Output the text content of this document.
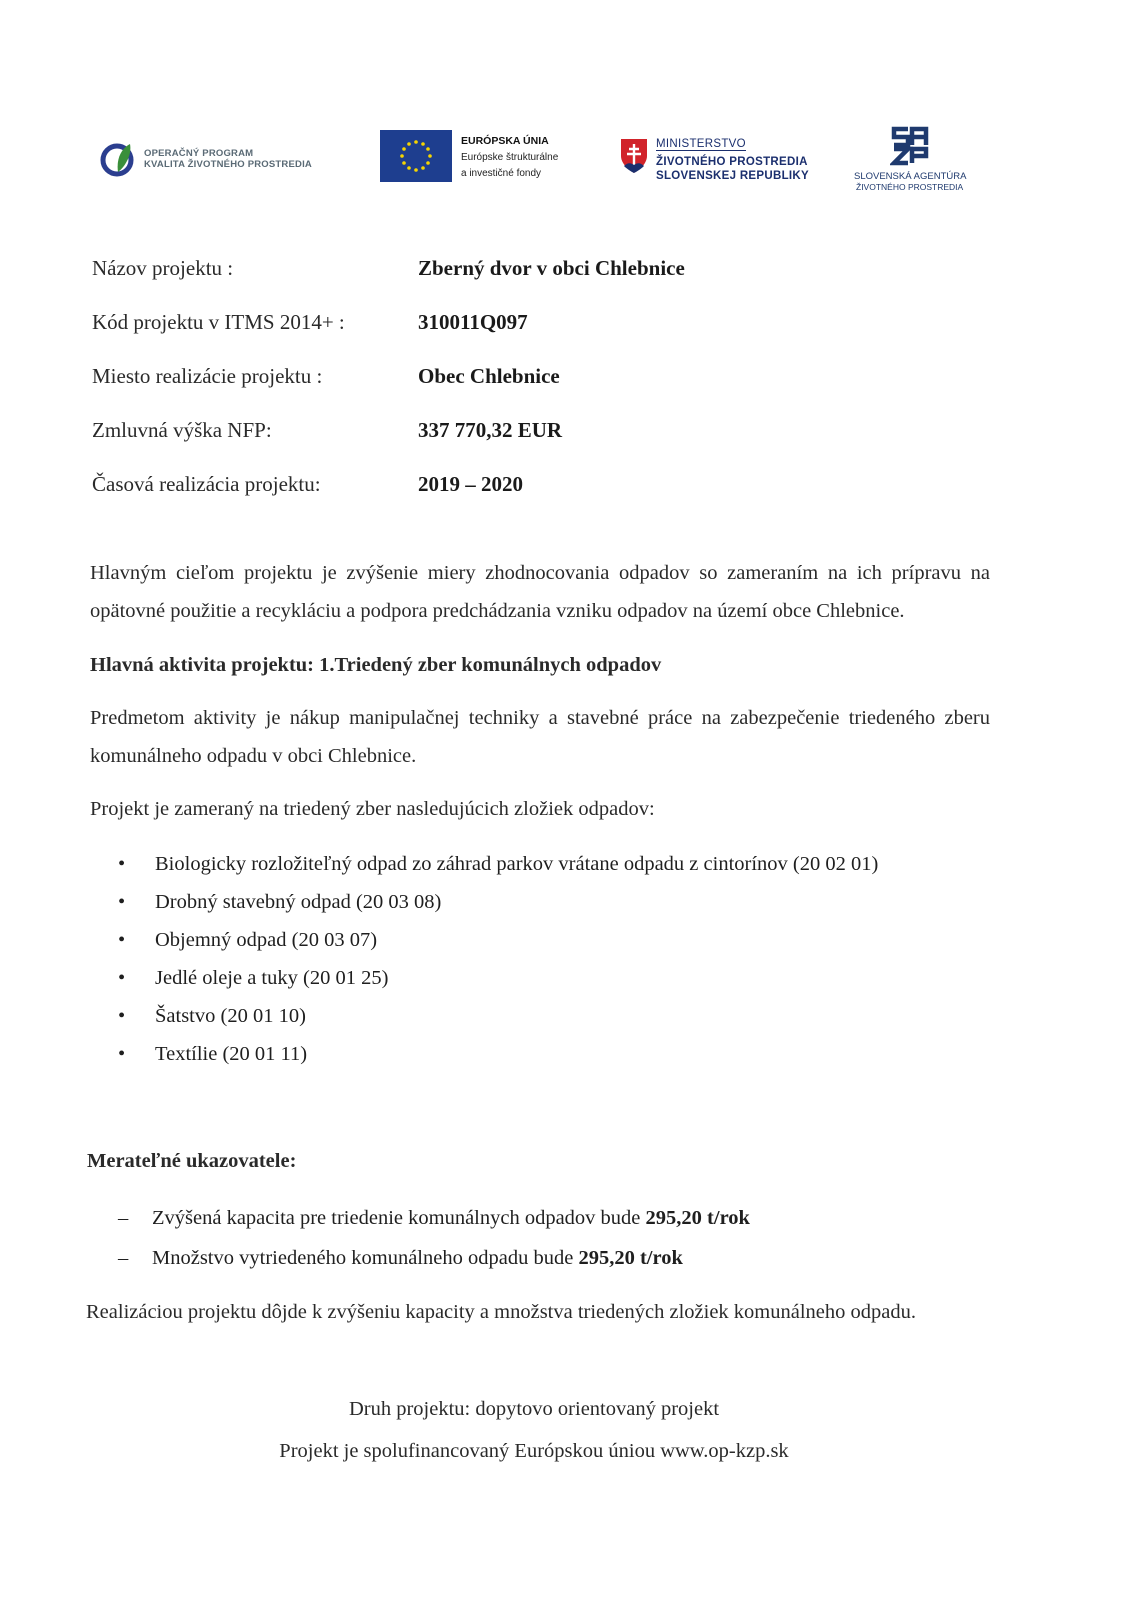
OPERAČNÝ PROGRAM
KVALITA ŽIVOTNÉHO PROSTREDIA
EURÓPSKA ÚNIA
Európske štrukturálne
a investičné fondy
MINISTERSTVO
ŽIVOTNÉHO PROSTREDIA
SLOVENSKEJ REPUBLIKY	SLOVENSKÁ AGENTÚRA
ŽIVOTNÉHO PROSTREDIA
Názov projektu :	Zberný dvor v obci Chlebnice
Kód projektu v ITMS 2014+ :	310011Q097
Miesto realizácie projektu :	Obec Chlebnice
Zmluvná výška NFP:	337 770,32 EUR
Časová realizácia projektu:	2019 – 2020
Hlavným cieľom projektu je zvýšenie miery zhodnocovania odpadov so zameraním na ich prípravu na opätovné použitie a recykláciu a podpora predchádzania vzniku odpadov na území obce Chlebnice.
Hlavná aktivita projektu: 1.Triedený zber komunálnych odpadov
Predmetom aktivity je nákup manipulačnej techniky a stavebné práce na zabezpečenie triedeného zberu komunálneho odpadu v obci Chlebnice.
Projekt je zameraný na triedený zber nasledujúcich zložiek odpadov:
•	Biologicky rozložiteľný odpad zo záhrad parkov vrátane odpadu z cintorínov (20 02 01)
•	Drobný stavebný odpad (20 03 08)
•	Objemný odpad (20 03 07)
•	Jedlé oleje a tuky (20 01 25)
•	Šatstvo (20 01 10)
•	Textílie (20 01 11)
Merateľné ukazovatele:
– Zvýšená kapacita pre triedenie komunálnych odpadov bude 295,20 t/rok
– Množstvo vytriedeného komunálneho odpadu bude 295,20 t/rok
Realizáciou projektu dôjde k zvýšeniu kapacity a množstva triedených zložiek komunálneho odpadu.
Druh projektu: dopytovo orientovaný projekt
Projekt je spolufinancovaný Európskou úniou www.op-kzp.sk
